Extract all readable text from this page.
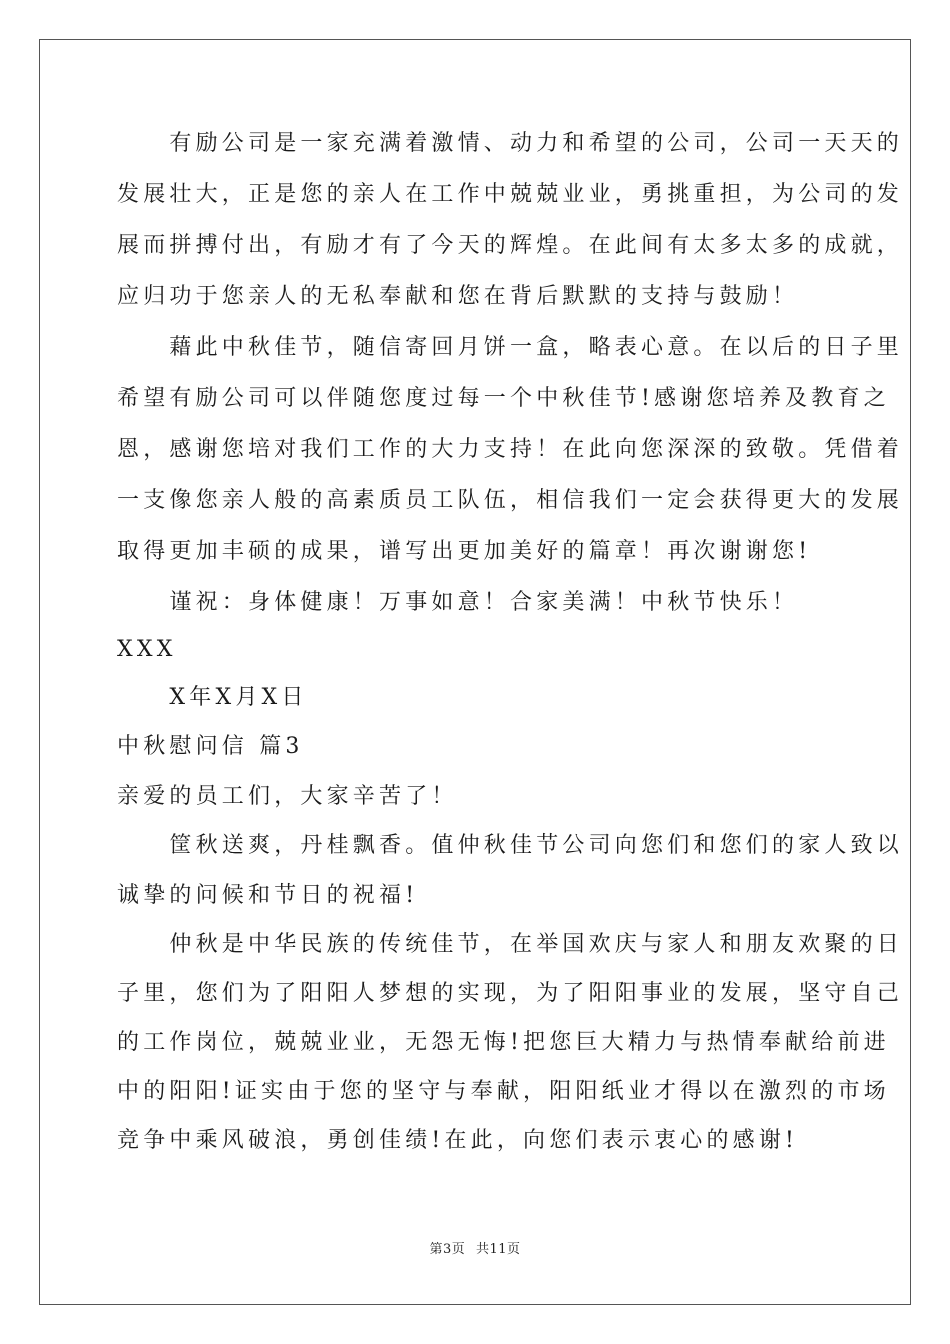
　　有励公司是一家充满着激情、动力和希望的公司，公司一天天的
发展壮大，正是您的亲人在工作中兢兢业业，勇挑重担，为公司的发
展而拼搏付出，有励才有了今天的辉煌。在此间有太多太多的成就，
应归功于您亲人的无私奉献和您在背后默默的支持与鼓励！
　　藉此中秋佳节，随信寄回月饼一盒，略表心意。在以后的日子里
希望有励公司可以伴随您度过每一个中秋佳节!感谢您培养及教育之
恩，感谢您培对我们工作的大力支持！在此向您深深的致敬。凭借着
一支像您亲人般的高素质员工队伍，相信我们一定会获得更大的发展
取得更加丰硕的成果，谱写出更加美好的篇章！再次谢谢您!
　　谨祝：身体健康！万事如意！合家美满！中秋节快乐！
XXX
　　X年X月X日
中秋慰问信 篇3
亲爱的员工们，大家辛苦了！
　　筐秋送爽，丹桂飘香。值仲秋佳节公司向您们和您们的家人致以
诚挚的问候和节日的祝福!
　　仲秋是中华民族的传统佳节，在举国欢庆与家人和朋友欢聚的日
子里，您们为了阳阳人梦想的实现，为了阳阳事业的发展，坚守自己
的工作岗位，兢兢业业，无怨无悔!把您巨大精力与热情奉献给前进
中的阳阳!证实由于您的坚守与奉献，阳阳纸业才得以在激烈的市场
竞争中乘风破浪，勇创佳绩!在此，向您们表示衷心的感谢!
第3页 共11页
